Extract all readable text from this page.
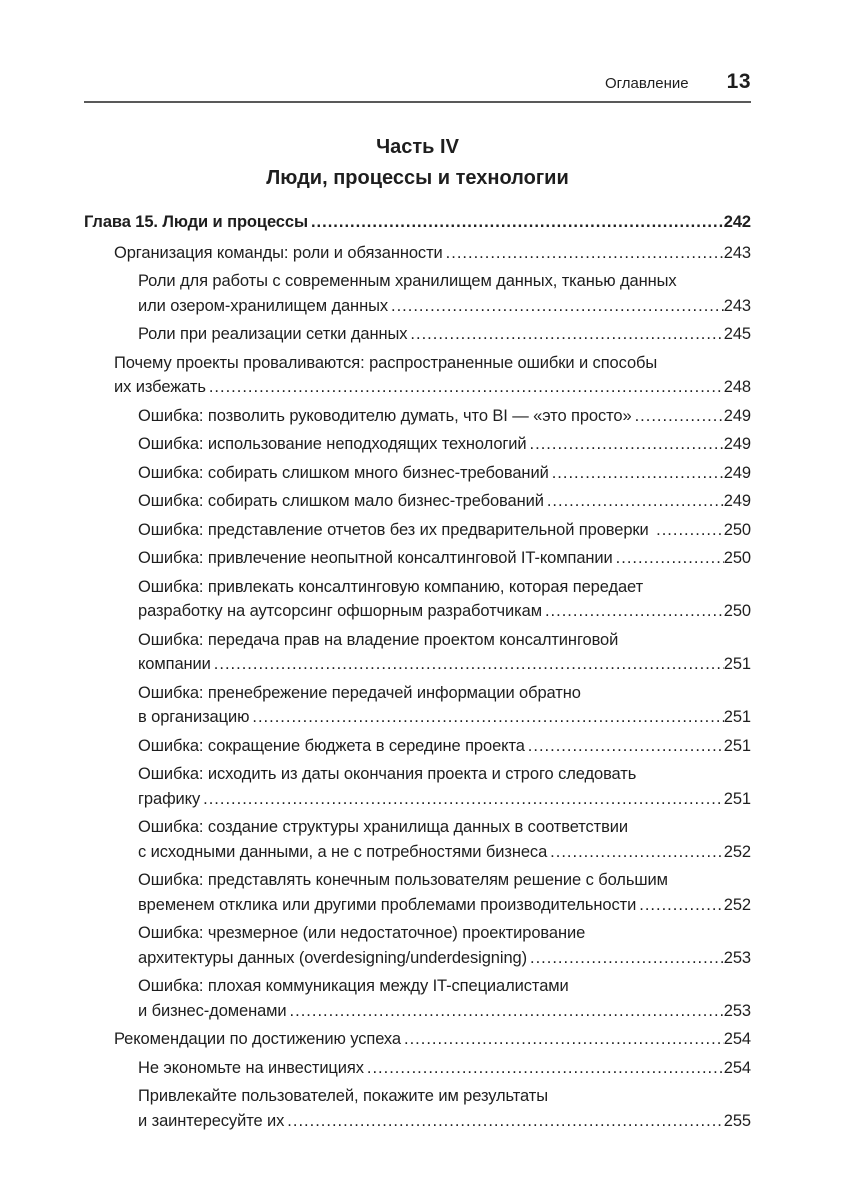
Оглавление 13
Часть IV
Люди, процессы и технологии
Глава 15. Люди и процессы .....	242
Организация команды: роли и обязанности .....	243
Роли для работы с современным хранилищем данных, тканью данных
или озером-хранилищем данных .....	243
Роли при реализации сетки данных .....	245
Почему проекты проваливаются: распространенные ошибки и способы
их избежать .....	248
Ошибка: позволить руководителю думать, что BI — «это просто» .....	249
Ошибка: использование неподходящих технологий .....	249
Ошибка: собирать слишком много бизнес-требований .....	249
Ошибка: собирать слишком мало бизнес-требований .....	249
Ошибка: представление отчетов без их предварительной проверки .....	250
Ошибка: привлечение неопытной консалтинговой IT-компании .....	250
Ошибка: привлекать консалтинговую компанию, которая передает
разработку на аутсорсинг офшорным разработчикам .....	250
Ошибка: передача прав на владение проектом консалтинговой
компании .....	251
Ошибка: пренебрежение передачей информации обратно
в организацию .....	251
Ошибка: сокращение бюджета в середине проекта .....	251
Ошибка: исходить из даты окончания проекта и строго следовать
графику .....	251
Ошибка: создание структуры хранилища данных в соответствии
с исходными данными, а не с потребностями бизнеса .....	252
Ошибка: представлять конечным пользователям решение с большим
временем отклика или другими проблемами производительности .....	252
Ошибка: чрезмерное (или недостаточное) проектирование
архитектуры данных (overdesigning/underdesigning) .....	253
Ошибка: плохая коммуникация между IT-специалистами
и бизнес-доменами .....	253
Рекомендации по достижению успеха .....	254
Не экономьте на инвестициях .....	254
Привлекайте пользователей, покажите им результаты
и заинтересуйте их .....	255
